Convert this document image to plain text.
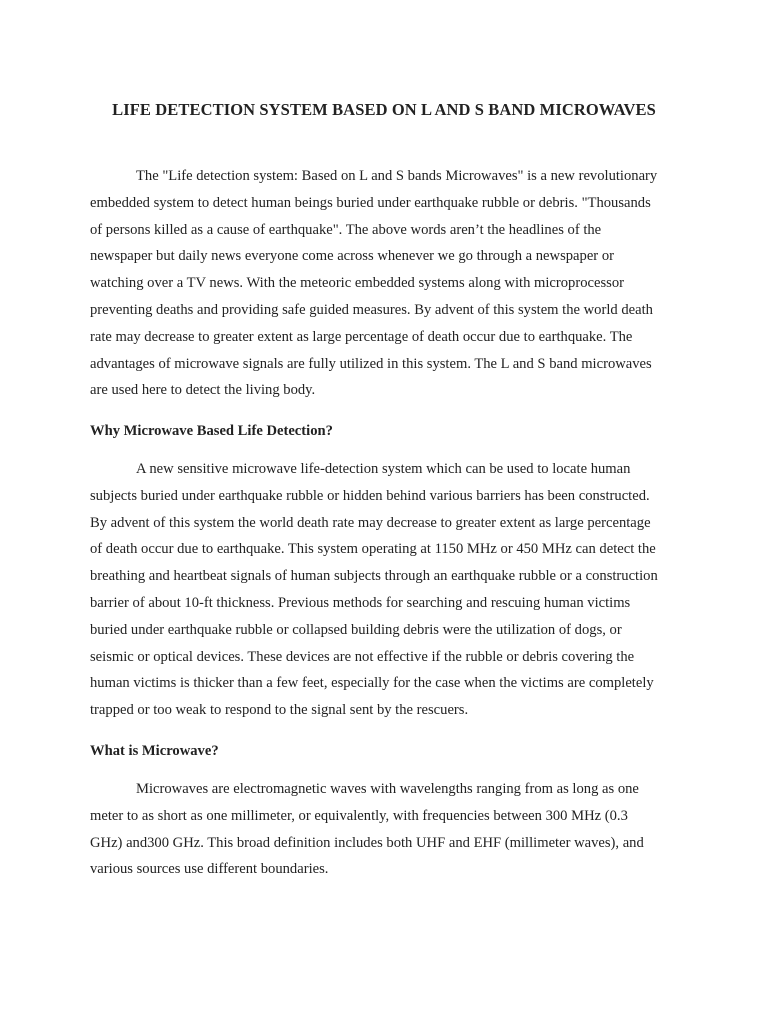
LIFE DETECTION SYSTEM BASED ON L AND S BAND MICROWAVES

The "Life detection system: Based on L and S bands Microwaves" is a new revolutionary
embedded system to detect human beings buried under earthquake rubble or debris. "Thousands
of persons killed as a cause of earthquake". The above words aren’t the headlines of the
newspaper but daily news everyone come across whenever we go through a newspaper or
watching over a TV news. With the meteoric embedded systems along with microprocessor
preventing deaths and providing safe guided measures. By advent of this system the world death
rate may decrease to greater extent as large percentage of death occur due to earthquake. The
advantages of microwave signals are fully utilized in this system. The L and S band microwaves
are used here to detect the living body.

Why Microwave Based Life Detection?

A new sensitive microwave life-detection system which can be used to locate human
subjects buried under earthquake rubble or hidden behind various barriers has been constructed.
By advent of this system the world death rate may decrease to greater extent as large percentage
of death occur due to earthquake. This system operating at 1150 MHz or 450 MHz can detect the
breathing and heartbeat signals of human subjects through an earthquake rubble or a construction
barrier of about 10-ft thickness. Previous methods for searching and rescuing human victims
buried under earthquake rubble or collapsed building debris were the utilization of dogs, or
seismic or optical devices. These devices are not effective if the rubble or debris covering the
human victims is thicker than a few feet, especially for the case when the victims are completely
trapped or too weak to respond to the signal sent by the rescuers.

What is Microwave?

Microwaves are electromagnetic waves with wavelengths ranging from as long as one
meter to as short as one millimeter, or equivalently, with frequencies between 300 MHz (0.3
GHz) and300 GHz. This broad definition includes both UHF and EHF (millimeter waves), and
various sources use different boundaries.
